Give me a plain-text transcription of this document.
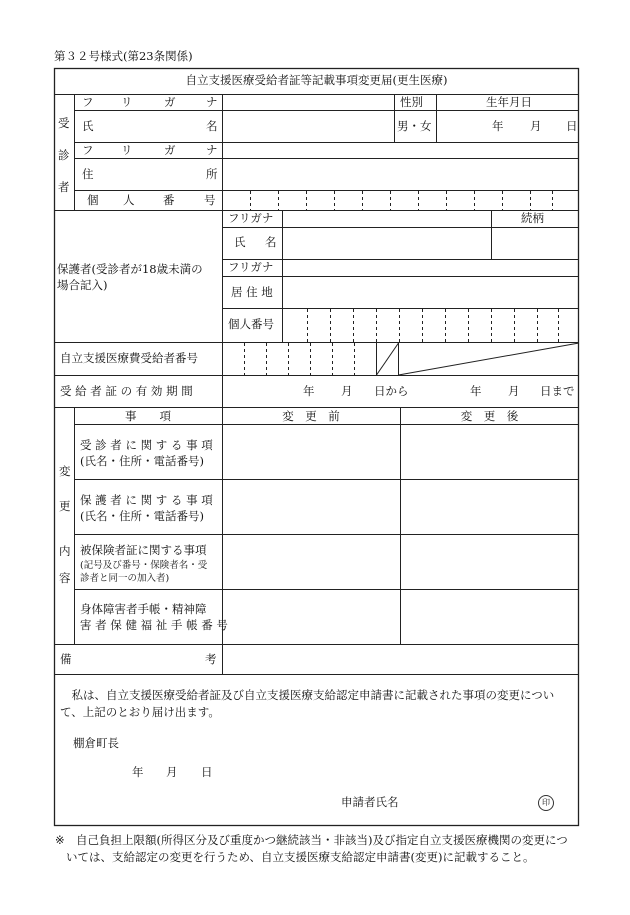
第３２号様式(第23条関係)
自立支援医療受給者証等記載事項変更届(更生医療)
受
診
者
フ リ	ガ	ナ	性別	生年月日
氏	名	男・女	年 月 日
フ リ	ガ	ナ
住	所
個 人 番	号
保護者(受診者が18歳未満の
場合記入)
フリガナ	続柄
氏 名
フリガナ
居 住 地
個人番号
自立支援医療費受給者番号
受 給 者 証 の 有 効 期 間	年 月 日から	年 月 日まで
変
更
内
容
事　　項	変　更　前	変　更　後
受 診 者 に 関 す る 事 項
(氏名・住所・電話番号)
保 護 者 に 関 す る 事 項
(氏名・住所・電話番号)
被保険者証に関する事項
(記号及び番号・保険者名・受
診者と同一の加入者)
身体障害者手帳・精神障
害 者 保 健 福 祉 手 帳 番 号
備	考
　私は、自立支援医療受給者証及び自立支援医療支給認定申請書に記載された事項の変更につい
て、上記のとおり届け出ます。
棚倉町長
年 月 日
申請者氏名	印
※ 自己負担上限額(所得区分及び重度かつ継続該当・非該当)及び指定自立支援医療機関の変更につ
いては、支給認定の変更を行うため、自立支援医療支給認定申請書(変更)に記載すること。
